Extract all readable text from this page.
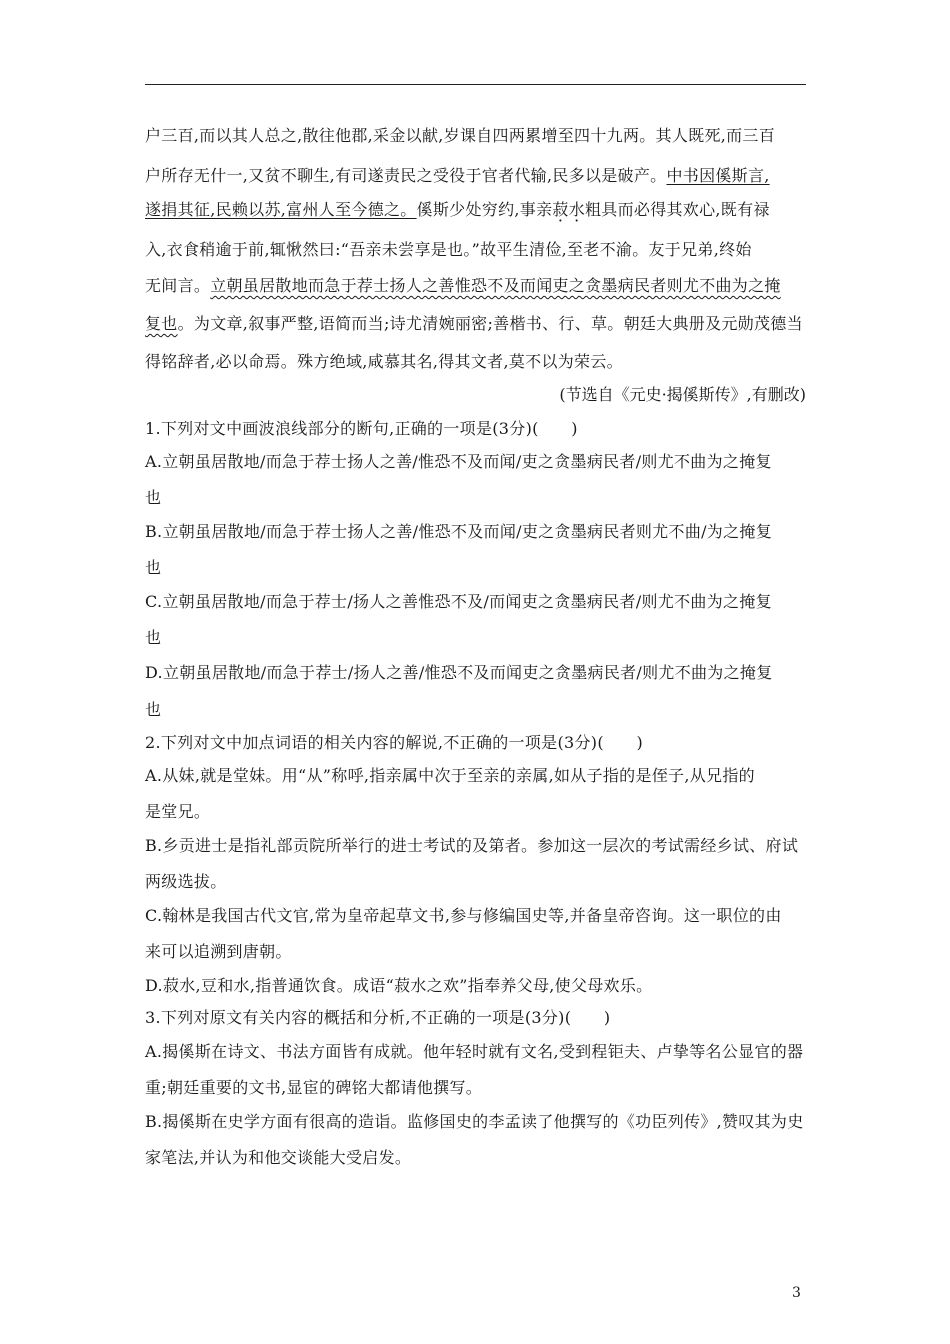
户三百,而以其人总之,散往他郡,采金以献,岁课自四两累增至四十九两。其人既死,而三百
户所存无什一,又贫不聊生,有司遂责民之受役于官者代输,民多以是破产。中书因傒斯言,
遂捐其征,民赖以苏,富州人至今德之。傒斯少处穷约,事亲菽水粗具而必得其欢心,既有禄
入,衣食稍逾于前,辄愀然曰:“吾亲未尝享是也。”故平生清俭,至老不渝。友于兄弟,终始
无间言。立朝虽居散地而急于荐士扬人之善惟恐不及而闻吏之贪墨病民者则尤不曲为之掩
复也。为文章,叙事严整,语简而当;诗尤清婉丽密;善楷书、行、草。朝廷大典册及元勋茂德当
得铭辞者,必以命焉。殊方绝域,咸慕其名,得其文者,莫不以为荣云。
(节选自《元史·揭傒斯传》,有删改)
1.下列对文中画波浪线部分的断句,正确的一项是(3分)(　　)
A.立朝虽居散地/而急于荐士扬人之善/惟恐不及而闻/吏之贪墨病民者/则尤不曲为之掩复
也
B.立朝虽居散地/而急于荐士扬人之善/惟恐不及而闻/吏之贪墨病民者则尤不曲/为之掩复
也
C.立朝虽居散地/而急于荐士/扬人之善惟恐不及/而闻吏之贪墨病民者/则尤不曲为之掩复
也
D.立朝虽居散地/而急于荐士/扬人之善/惟恐不及而闻吏之贪墨病民者/则尤不曲为之掩复
也
2.下列对文中加点词语的相关内容的解说,不正确的一项是(3分)(　　)
A.从妹,就是堂妹。用“从”称呼,指亲属中次于至亲的亲属,如从子指的是侄子,从兄指的
是堂兄。
B.乡贡进士是指礼部贡院所举行的进士考试的及第者。参加这一层次的考试需经乡试、府试
两级选拔。
C.翰林是我国古代文官,常为皇帝起草文书,参与修编国史等,并备皇帝咨询。这一职位的由
来可以追溯到唐朝。
D.菽水,豆和水,指普通饮食。成语“菽水之欢”指奉养父母,使父母欢乐。
3.下列对原文有关内容的概括和分析,不正确的一项是(3分)(　　)
A.揭傒斯在诗文、书法方面皆有成就。他年轻时就有文名,受到程钜夫、卢挚等名公显官的器
重;朝廷重要的文书,显宦的碑铭大都请他撰写。
B.揭傒斯在史学方面有很高的造诣。监修国史的李孟读了他撰写的《功臣列传》,赞叹其为史
家笔法,并认为和他交谈能大受启发。
3
